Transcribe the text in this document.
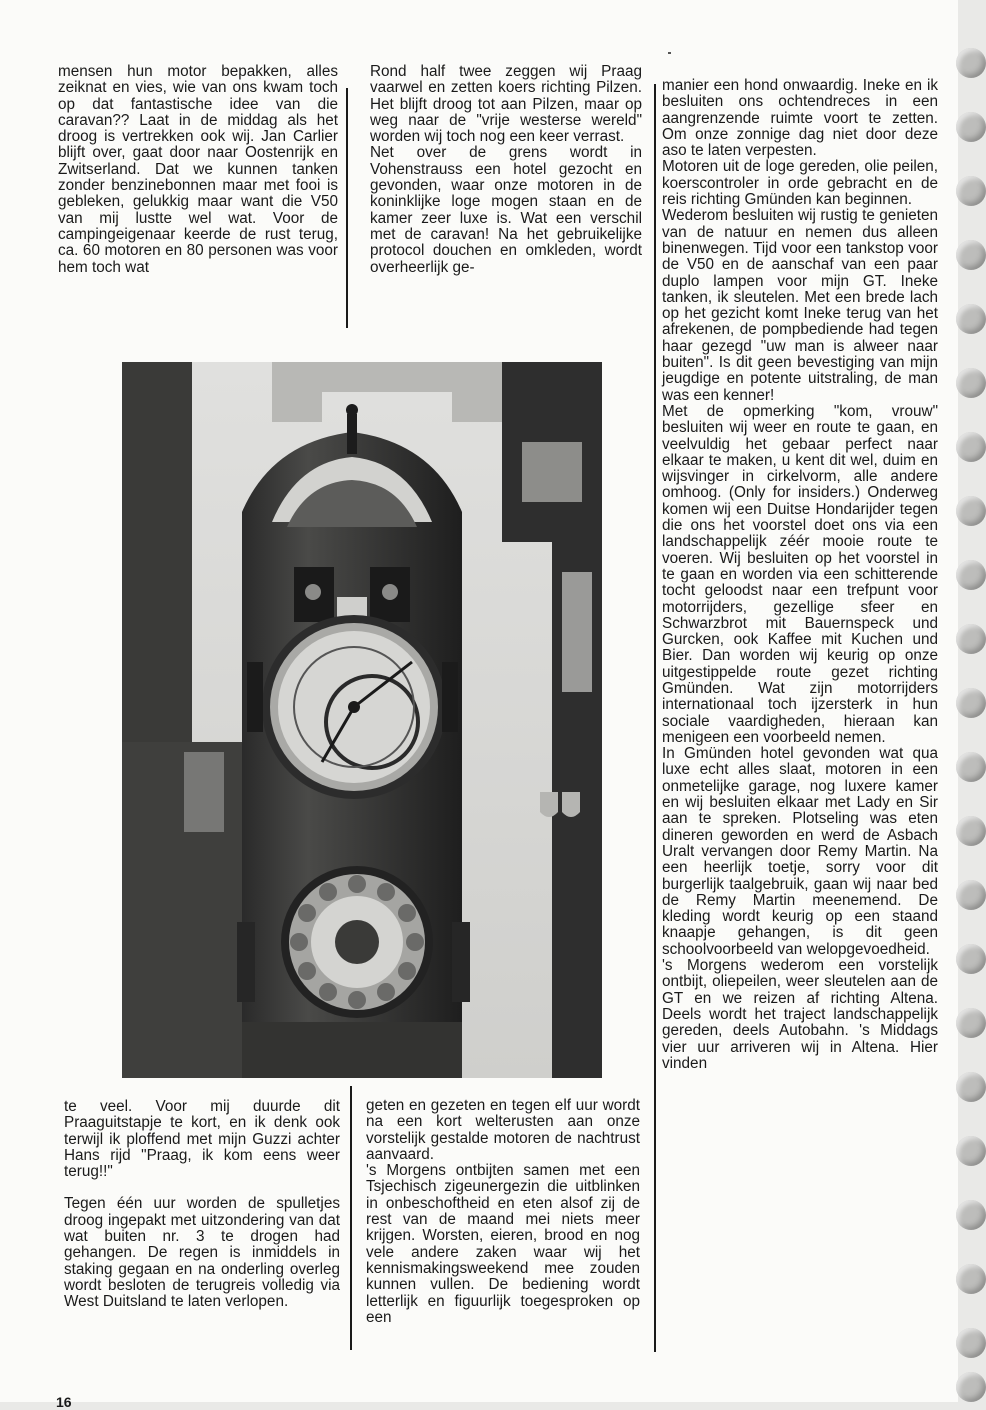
mensen hun motor bepakken, alles zeiknat en vies, wie van ons kwam toch op dat fantastische idee van die caravan?? Laat in de middag als het droog is vertrekken ook wij. Jan Carlier blijft over, gaat door naar Oostenrijk en Zwitserland. Dat we kunnen tanken zonder benzinebonnen maar met fooi is gebleken, gelukkig maar want die V50 van mij lustte wel wat. Voor de campingeigenaar keerde de rust terug, ca. 60 motoren en 80 personen was voor hem toch wat

Rond half twee zeggen wij Praag vaarwel en zetten koers richting Pilzen. Het blijft droog tot aan Pilzen, maar op weg naar de "vrije westerse wereld" worden wij toch nog een keer verrast.

Net over de grens wordt in Vohenstrauss een hotel gezocht en gevonden, waar onze motoren in de koninklijke loge mogen staan en de kamer zeer luxe is. Wat een verschil met de caravan! Na het gebruikelijke protocol douchen en omkleden, wordt overheerlijk ge-

manier een hond onwaardig. Ineke en ik besluiten ons ochtendreces in een aangrenzende ruimte voort te zetten. Om onze zonnige dag niet door deze aso te laten verpesten.

Motoren uit de loge gereden, olie peilen, koerscontroler in orde gebracht en de reis richting Gmünden kan beginnen.

Wederom besluiten wij rustig te genieten van de natuur en nemen dus alleen binenwegen. Tijd voor een tankstop voor de V50 en de aanschaf van een paar duplo lampen voor mijn GT. Ineke tanken, ik sleutelen. Met een brede lach op het gezicht komt Ineke terug van het afrekenen, de pompbediende had tegen haar gezegd "uw man is alweer naar buiten". Is dit geen bevestiging van mijn jeugdige en potente uitstraling, de man was een kenner!

Met de opmerking "kom, vrouw" besluiten wij weer en route te gaan, en veelvuldig het gebaar perfect naar elkaar te maken, u kent dit wel, duim en wijsvinger in cirkelvorm, alle andere omhoog. (Only for insiders.) Onderweg komen wij een Duitse Hondarijder tegen die ons het voorstel doet ons via een landschappelijk zéér mooie route te voeren. Wij besluiten op het voorstel in te gaan en worden via een schitterende tocht geloodst naar een trefpunt voor motorrijders, gezellige sfeer en Schwarzbrot mit Bauernspeck und Gurcken, ook Kaffee mit Kuchen und Bier. Dan worden wij keurig op onze uitgestippelde route gezet richting Gmünden. Wat zijn motorrijders internationaal toch ijzersterk in hun sociale vaardigheden, hieraan kan menigeen een voorbeeld nemen.

In Gmünden hotel gevonden wat qua luxe echt alles slaat, motoren in een onmetelijke garage, nog luxere kamer en wij besluiten elkaar met Lady en Sir aan te spreken. Plotseling was eten dineren geworden en werd de Asbach Uralt vervangen door Remy Martin. Na een heerlijk toetje, sorry voor dit burgerlijk taalgebruik, gaan wij naar bed de Remy Martin meenemend. De kleding wordt keurig op een staand knaapje gehangen, is dit geen schoolvoorbeeld van welopgevoedheid.

's Morgens wederom een vorstelijk ontbijt, oliepeilen, weer sleutelen aan de GT en we reizen af richting Altena. Deels wordt het traject landschappelijk gereden, deels Autobahn. 's Middags vier uur arriveren wij in Altena. Hier vinden

te veel. Voor mij duurde dit Praaguitstapje te kort, en ik denk ook terwijl ik ploffend met mijn Guzzi achter Hans rijd "Praag, ik kom eens weer terug!!"

Tegen één uur worden de spulletjes droog ingepakt met uitzondering van dat wat buiten nr. 3 te drogen had gehangen. De regen is inmiddels in staking gegaan en na onderling overleg wordt besloten de terugreis volledig via West Duitsland te laten verlopen.

geten en gezeten en tegen elf uur wordt na een kort welterusten aan onze vorstelijk gestalde motoren de nachtrust aanvaard.

's Morgens ontbijten samen met een Tsjechisch zigeunergezin die uitblinken in onbeschoftheid en eten alsof zij de rest van de maand mei niets meer krijgen. Worsten, eieren, brood en nog vele andere zaken waar wij het kennismakingsweekend mee zouden kunnen vullen. De bediening wordt letterlijk en figuurlijk toegesproken op een

16
